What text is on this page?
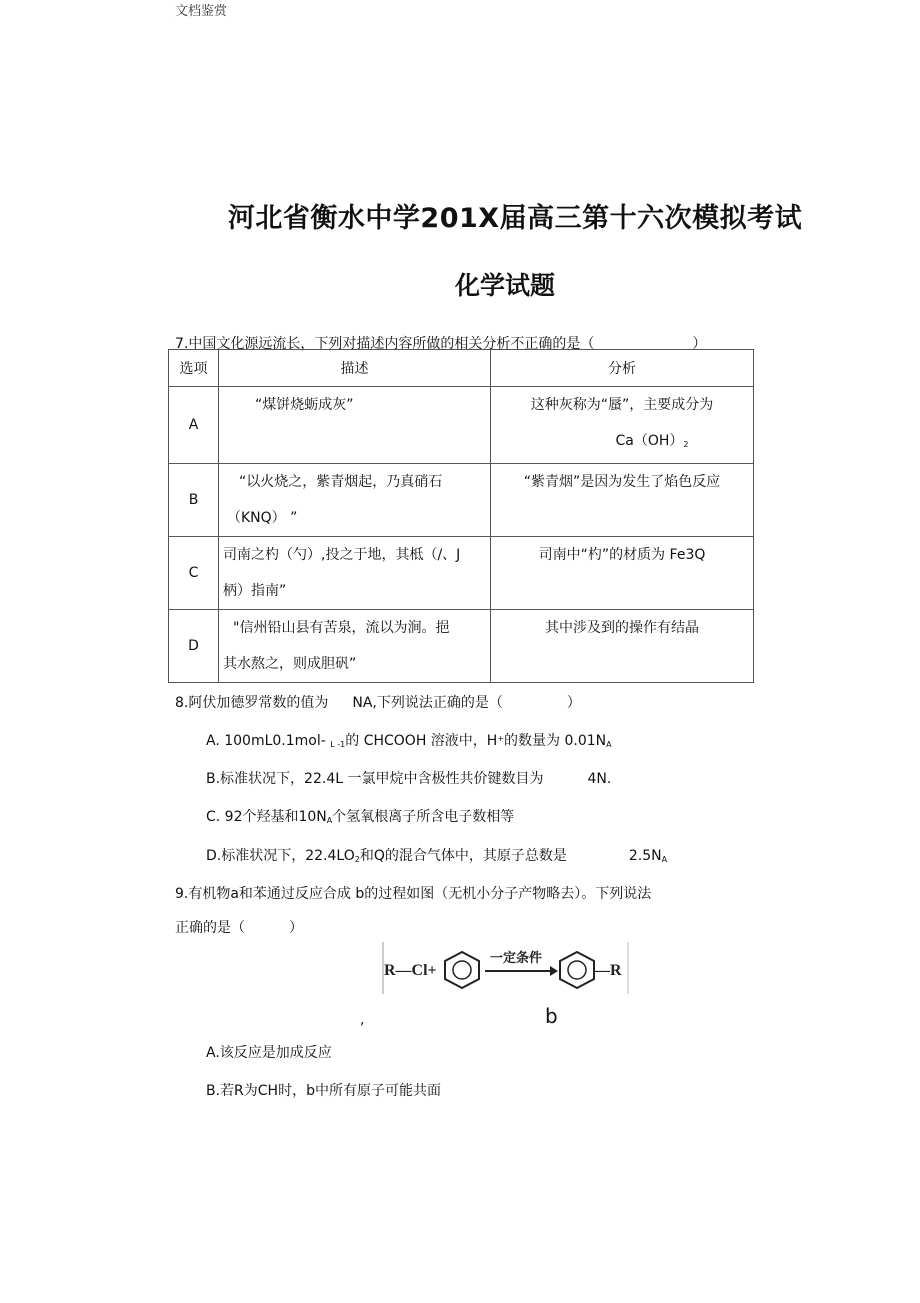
文档鉴赏
河北省衡水中学201X届高三第十六次模拟考试
化学试题
7.中国文化源远流长，下列对描述内容所做的相关分析不正确的是（	）
选项	描述	分析
A	“煤饼烧蛎成灰”	这种灰称为“蜃”，主要成分为
$Ca(OH)_2$

B	“以火烧之，紫青烟起，乃真硝石
（KNQ） ”	“紫青烟”是因为发生了焰色反应
C	司南之杓（勺）,投之于地，其柢（/、J
柄）指南”	司南中“杓”的材质为 Fe3Q
D	"信州铅山县有苦泉，流以为涧。挹
其水熬之，则成胆矾”	其中涉及到的操作有结晶
8.阿伏加德罗常数的值为 NA,下列说法正确的是（	）
A. 100mL0.1mol- $_{L -1}$的 CHCOOH 溶液中，H+的数量为 $0.01N_A$
B.标准状况下，22.4L 一氯甲烷中含极性共价键数目为	4N.
C. 92个羟基和$10N_A$个氢氧根离子所含电子数相等
D.标准状况下，$22.4LO_2$和Q的混合气体中，其原子总数是	$2.5N_A$
9.有机物a和苯通过反应合成 b的过程如图（无机小分子产物略去）。下列说法
正确的是（	）
R—Cl+
一定条件
—R
,	b
A.该反应是加成反应
B.若R为CH时，b中所有原子可能共面
